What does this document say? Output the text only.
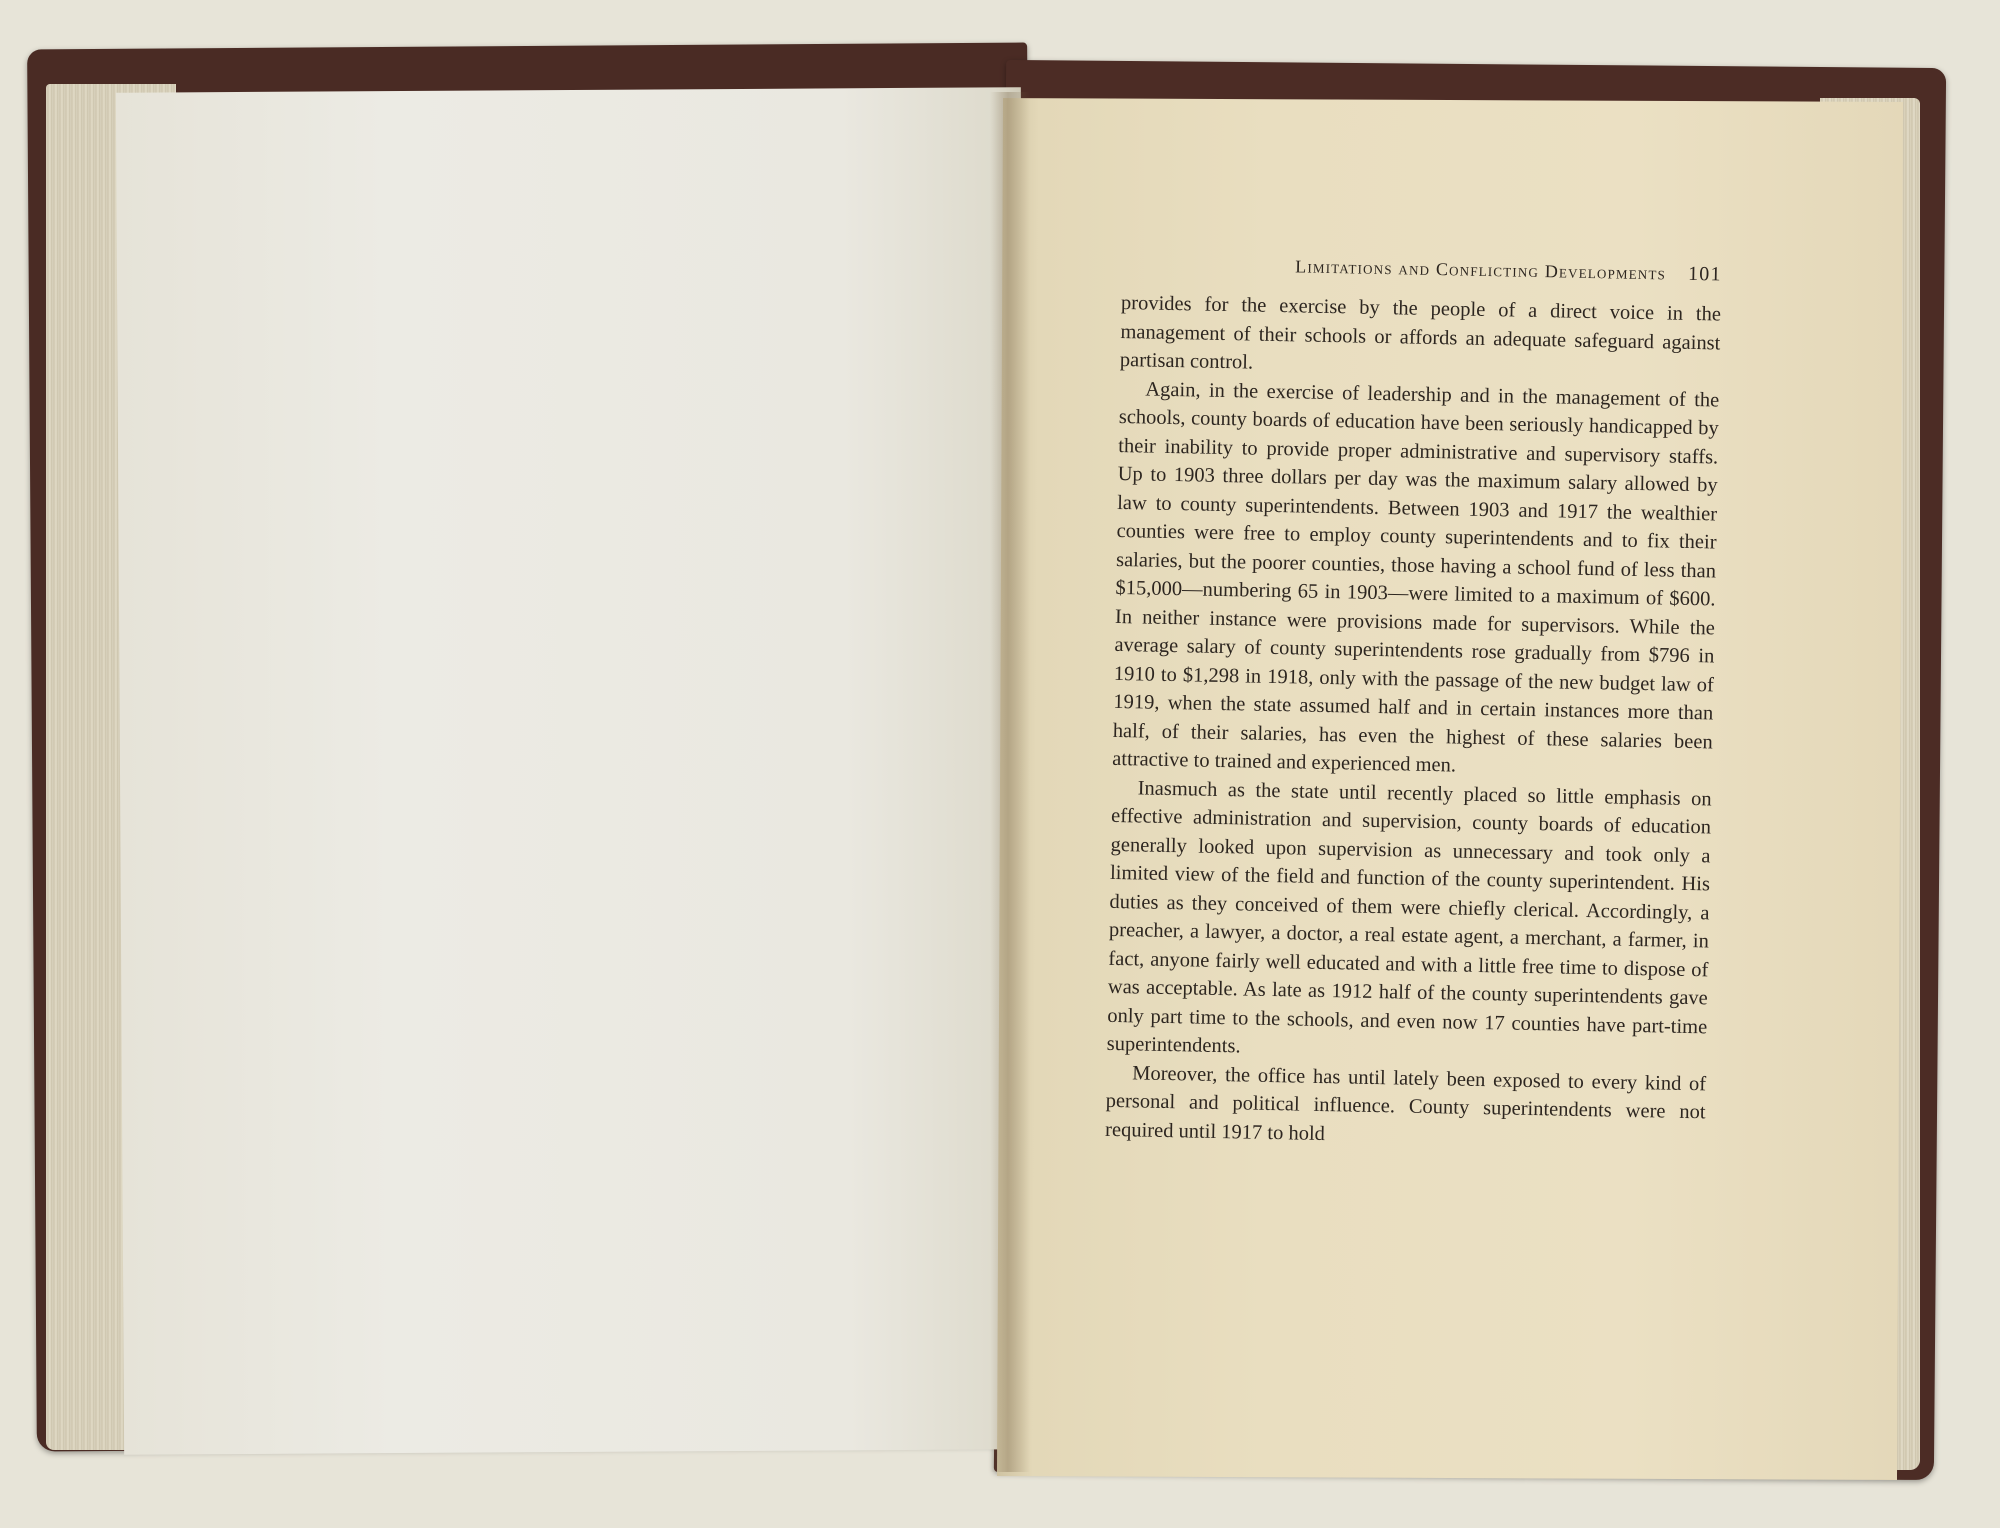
Limitations and Conflicting Developments 101

provides for the exercise by the people of a direct voice in the management of their schools or affords an adequate safeguard against partisan control.

Again, in the exercise of leadership and in the management of the schools, county boards of education have been seriously handicapped by their inability to provide proper administrative and supervisory staffs. Up to 1903 three dollars per day was the maximum salary allowed by law to county superintendents. Between 1903 and 1917 the wealthier counties were free to employ county superintendents and to fix their salaries, but the poorer counties, those having a school fund of less than $15,000—numbering 65 in 1903—were limited to a maximum of $600. In neither instance were provisions made for supervisors. While the average salary of county superintendents rose gradually from $796 in 1910 to $1,298 in 1918, only with the passage of the new budget law of 1919, when the state assumed half and in certain instances more than half, of their salaries, has even the highest of these salaries been attractive to trained and experienced men.

Inasmuch as the state until recently placed so little emphasis on effective administration and supervision, county boards of education generally looked upon supervision as unnecessary and took only a limited view of the field and function of the county superintendent. His duties as they conceived of them were chiefly clerical. Accordingly, a preacher, a lawyer, a doctor, a real estate agent, a merchant, a farmer, in fact, anyone fairly well educated and with a little free time to dispose of was acceptable. As late as 1912 half of the county superintendents gave only part time to the schools, and even now 17 counties have part-time superintendents.

Moreover, the office has until lately been exposed to every kind of personal and political influence. County superintendents were not required until 1917 to hold
